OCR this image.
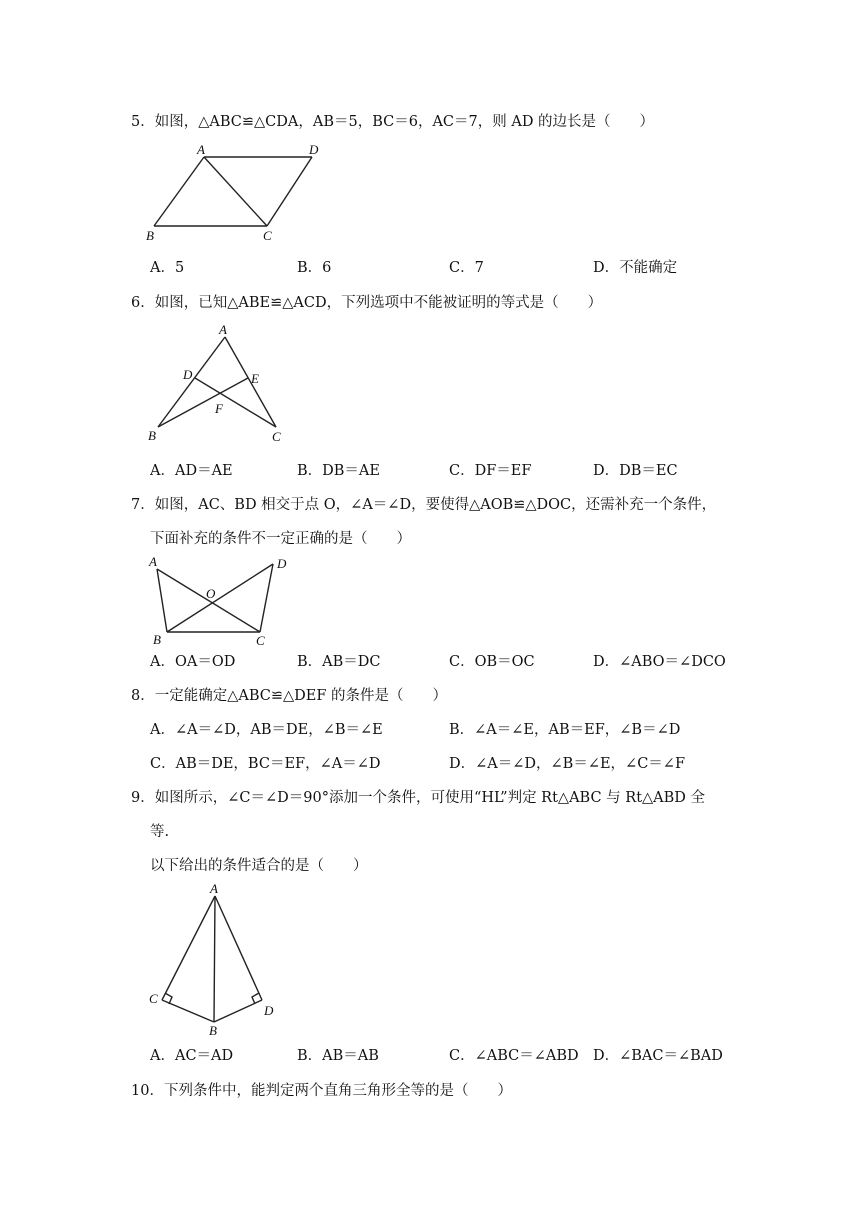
5．如图，△ABC≌△CDA，AB＝5，BC＝6，AC＝7，则 AD 的边长是（　　）
A	D
B	C
A．5	B．6	C．7	D．不能确定
6．如图，已知△ABE≌△ACD，下列选项中不能被证明的等式是（　　）
A
D	E
F
B	C
A．AD＝AE	B．DB＝AE	C．DF＝EF	D．DB＝EC
7．如图，AC、BD 相交于点 O，∠A＝∠D，要使得△AOB≌△DOC，还需补充一个条件，
下面补充的条件不一定正确的是（　　）
A	D
O
B	C
A．OA＝OD	B．AB＝DC	C．OB＝OC	D．∠ABO＝∠DCO
8．一定能确定△ABC≌△DEF 的条件是（　　）
A．∠A＝∠D，AB＝DE，∠B＝∠E	B．∠A＝∠E，AB＝EF，∠B＝∠D
C．AB＝DE，BC＝EF，∠A＝∠D	D．∠A＝∠D，∠B＝∠E，∠C＝∠F
9．如图所示，∠C＝∠D＝90°添加一个条件，可使用“HL”判定 Rt△ABC 与 Rt△ABD 全
等.
以下给出的条件适合的是（　　）
A
C
D
B
A．AC＝AD	B．AB＝AB	C．∠ABC＝∠ABD D．∠BAC＝∠BAD
10．下列条件中，能判定两个直角三角形全等的是（　　）
